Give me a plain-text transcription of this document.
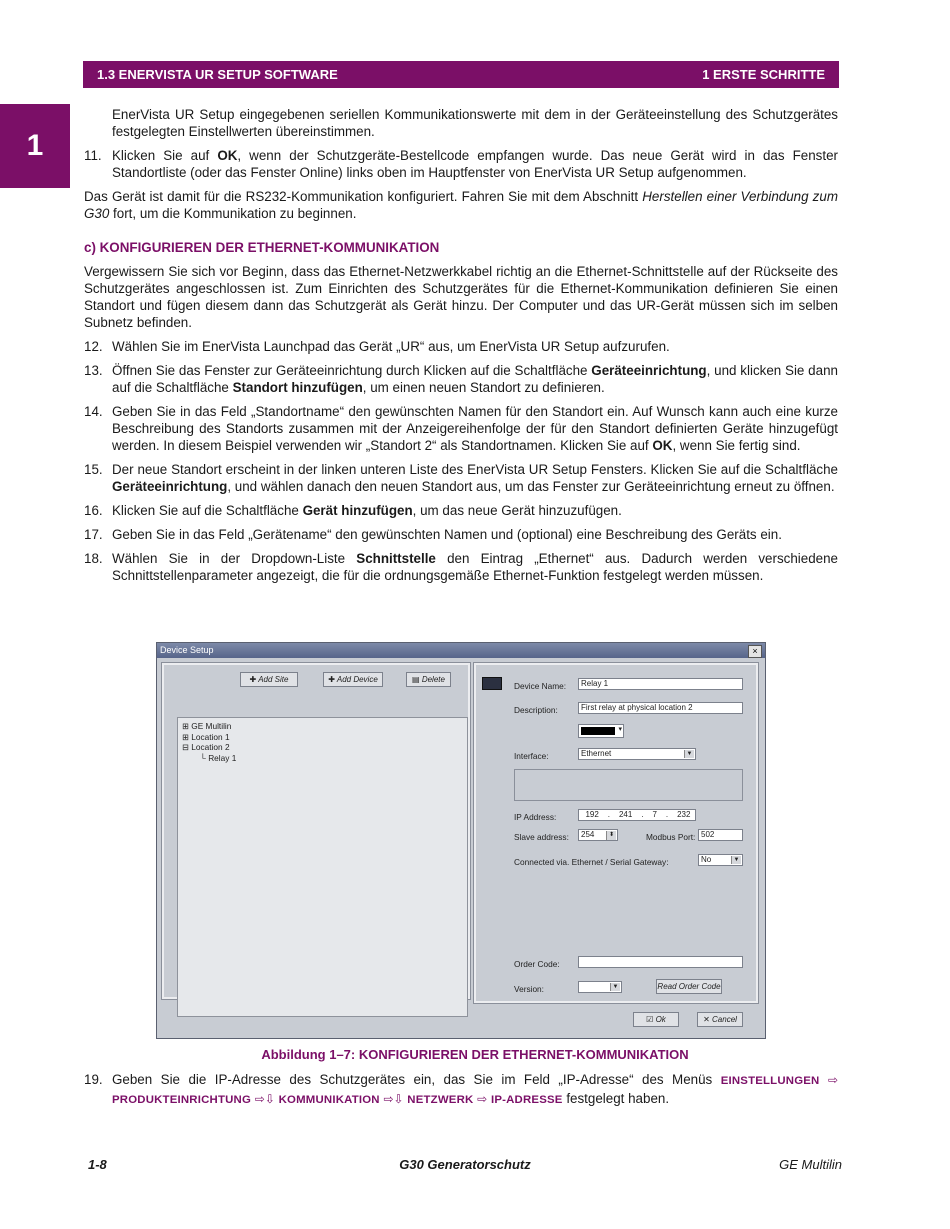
1.3 ENERVISTA UR SETUP SOFTWARE	1 ERSTE SCHRITTE
1

EnerVista UR Setup eingegebenen seriellen Kommunikationswerte mit dem in der Geräteeinstellung des Schutzgerätes festgelegten Einstellwerten übereinstimmen.

11. Klicken Sie auf OK, wenn der Schutzgeräte-Bestellcode empfangen wurde. Das neue Gerät wird in das Fenster Standortliste (oder das Fenster Online) links oben im Hauptfenster von EnerVista UR Setup aufgenommen.

Das Gerät ist damit für die RS232-Kommunikation konfiguriert. Fahren Sie mit dem Abschnitt Herstellen einer Verbindung zum G30 fort, um die Kommunikation zu beginnen.

c) KONFIGURIEREN DER ETHERNET-KOMMUNIKATION

Vergewissern Sie sich vor Beginn, dass das Ethernet-Netzwerkkabel richtig an die Ethernet-Schnittstelle auf der Rückseite des Schutzgerätes angeschlossen ist. Zum Einrichten des Schutzgerätes für die Ethernet-Kommunikation definieren Sie einen Standort und fügen diesem dann das Schutzgerät als Gerät hinzu. Der Computer und das UR-Gerät müssen sich im selben Subnetz befinden.

12. Wählen Sie im EnerVista Launchpad das Gerät „UR“ aus, um EnerVista UR Setup aufzurufen.
13. Öffnen Sie das Fenster zur Geräteeinrichtung durch Klicken auf die Schaltfläche Geräteeinrichtung, und klicken Sie dann auf die Schaltfläche Standort hinzufügen, um einen neuen Standort zu definieren.
14. Geben Sie in das Feld „Standortname“ den gewünschten Namen für den Standort ein. Auf Wunsch kann auch eine kurze Beschreibung des Standorts zusammen mit der Anzeigereihenfolge der für den Standort definierten Geräte hinzugefügt werden. In diesem Beispiel verwenden wir „Standort 2“ als Standortnamen. Klicken Sie auf OK, wenn Sie fertig sind.
15. Der neue Standort erscheint in der linken unteren Liste des EnerVista UR Setup Fensters. Klicken Sie auf die Schaltfläche Geräteeinrichtung, und wählen danach den neuen Standort aus, um das Fenster zur Geräteeinrichtung erneut zu öffnen.
16. Klicken Sie auf die Schaltfläche Gerät hinzufügen, um das neue Gerät hinzuzufügen.
17. Geben Sie in das Feld „Gerätename“ den gewünschten Namen und (optional) eine Beschreibung des Geräts ein.
18. Wählen Sie in der Dropdown-Liste Schnittstelle den Eintrag „Ethernet“ aus. Dadurch werden verschiedene Schnittstellenparameter angezeigt, die für die ordnungsgemäße Ethernet-Funktion festgelegt werden müssen.
Device Setup	×
✚ Add Site	✚ Add Device	▤ Delete
⊞ GE Multilin
⊞ Location 1
⊟ Location 2
└ Relay 1
Device Name:	Relay 1
Description:	First relay at physical location 2
▾
Interface:	Ethernet	▼
IP Address:	192 . 241 . 7 . 232
Slave address:	254	⬍	Modbus Port: 502
Connected via. Ethernet / Serial Gateway:	No	▼
Order Code:
Version:	▼	Read Order Code
☑ Ok	✕ Cancel
Abbildung 1–7: KONFIGURIEREN DER ETHERNET-KOMMUNIKATION
19. Geben Sie die IP-Adresse des Schutzgerätes ein, das Sie im Feld „IP-Adresse“ des Menüs EINSTELLUNGEN ⇨ PRODUKTEINRICHTUNG ⇨⇩ KOMMUNIKATION ⇨⇩ NETZWERK ⇨ IP-ADRESSE festgelegt haben.
1-8	G30 Generatorschutz	GE Multilin
